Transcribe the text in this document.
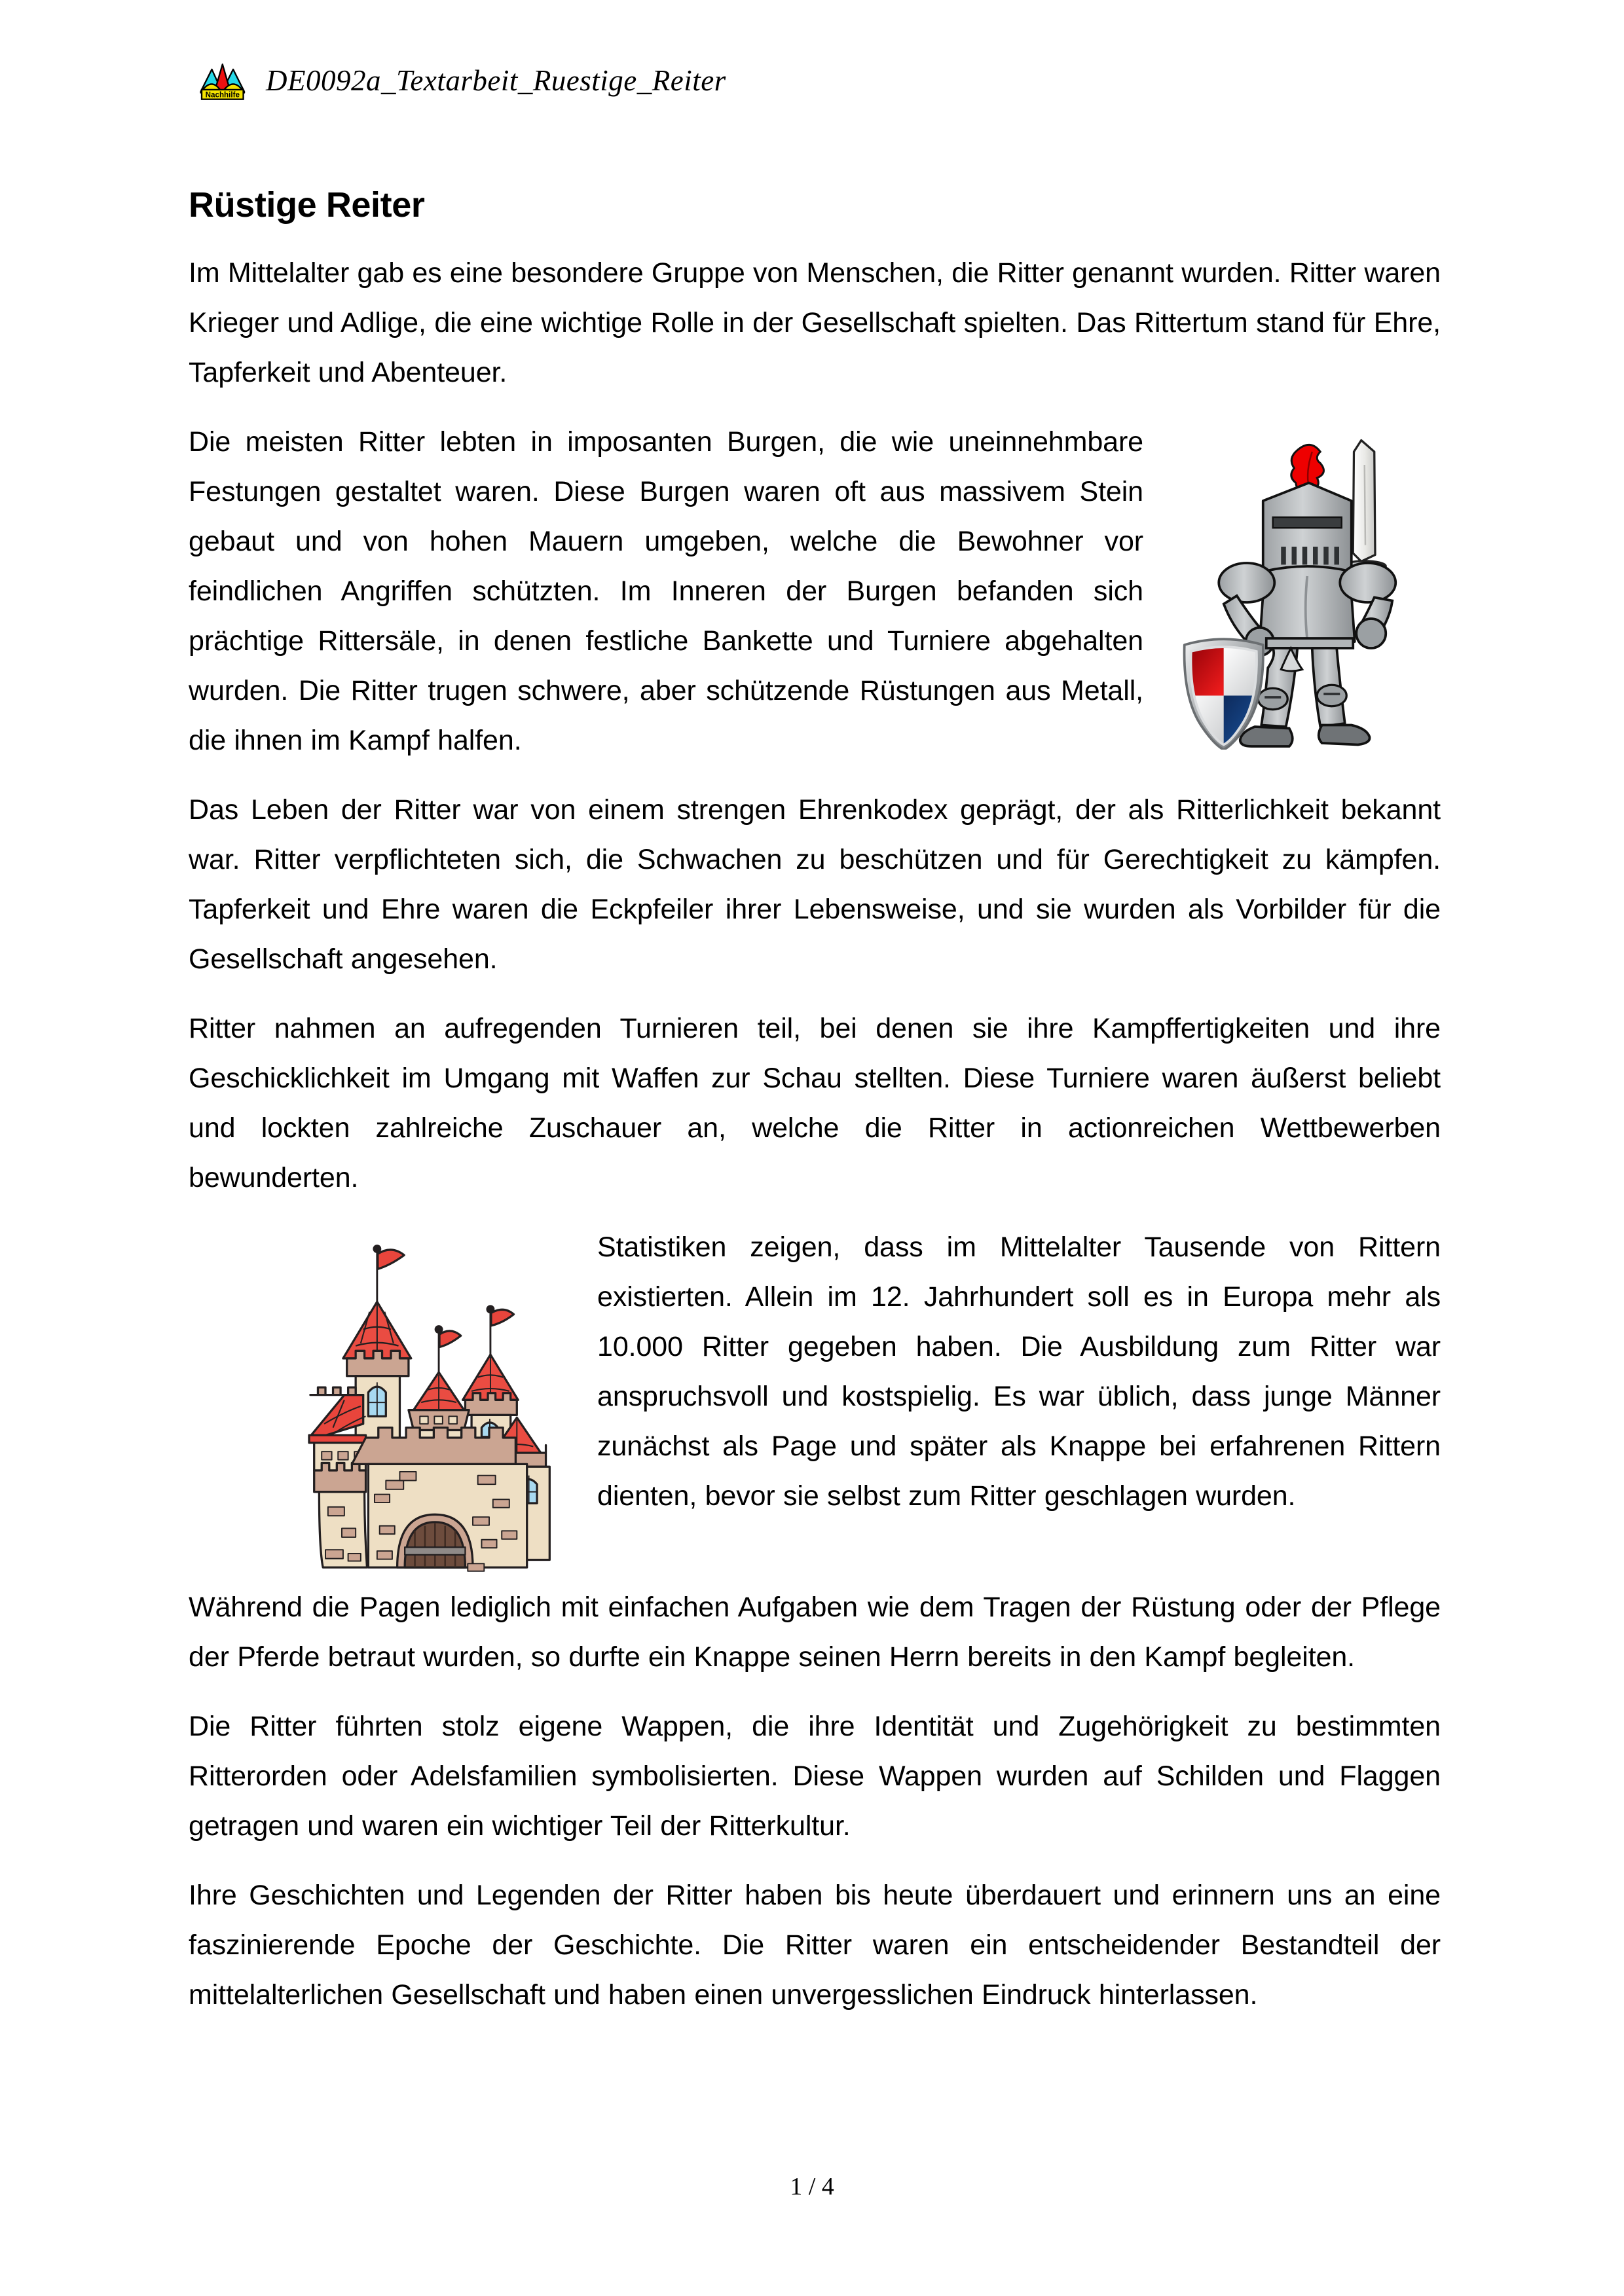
Nachhilfe DE0092a_Textarbeit_Ruestige_Reiter
Rüstige Reiter

Im Mittelalter gab es eine besondere Gruppe von Menschen, die Ritter genannt wurden. Ritter waren Krieger und Adlige, die eine wichtige Rolle in der Gesellschaft spielten. Das Rittertum stand für Ehre, Tapferkeit und Abenteuer.

Die meisten Ritter lebten in imposanten Burgen, die wie uneinnehmbare Festungen gestaltet waren. Diese Burgen waren oft aus massivem Stein gebaut und von hohen Mauern umgeben, welche die Bewohner vor feindlichen Angriffen schützten. Im Inneren der Burgen befanden sich prächtige Rittersäle, in denen festliche Bankette und Turniere abgehalten wurden. Die Ritter trugen schwere, aber schützende Rüstungen aus Metall, die ihnen im Kampf halfen.

Das Leben der Ritter war von einem strengen Ehrenkodex geprägt, der als Ritterlichkeit bekannt war. Ritter verpflichteten sich, die Schwachen zu beschützen und für Gerechtigkeit zu kämpfen. Tapferkeit und Ehre waren die Eckpfeiler ihrer Lebensweise, und sie wurden als Vorbilder für die Gesellschaft angesehen.

Ritter nahmen an aufregenden Turnieren teil, bei denen sie ihre Kampffertigkeiten und ihre Geschicklichkeit im Umgang mit Waffen zur Schau stellten. Diese Turniere waren äußerst beliebt und lockten zahlreiche Zuschauer an, welche die Ritter in actionreichen Wettbewerben bewunderten.

Statistiken zeigen, dass im Mittelalter Tausende von Rittern existierten. Allein im 12. Jahrhundert soll es in Europa mehr als 10.000 Ritter gegeben haben. Die Ausbildung zum Ritter war anspruchsvoll und kostspielig. Es war üblich, dass junge Männer zunächst als Page und später als Knappe bei erfahrenen Rittern dienten, bevor sie selbst zum Ritter geschlagen wurden.

Während die Pagen lediglich mit einfachen Aufgaben wie dem Tragen der Rüstung oder der Pflege der Pferde betraut wurden, so durfte ein Knappe seinen Herrn bereits in den Kampf begleiten.

Die Ritter führten stolz eigene Wappen, die ihre Identität und Zugehörigkeit zu bestimmten Ritterorden oder Adelsfamilien symbolisierten. Diese Wappen wurden auf Schilden und Flaggen getragen und waren ein wichtiger Teil der Ritterkultur.

Ihre Geschichten und Legenden der Ritter haben bis heute überdauert und erinnern uns an eine faszinierende Epoche der Geschichte. Die Ritter waren ein entscheidender Bestandteil der mittelalterlichen Gesellschaft und haben einen unvergesslichen Eindruck hinterlassen.

1 / 4
